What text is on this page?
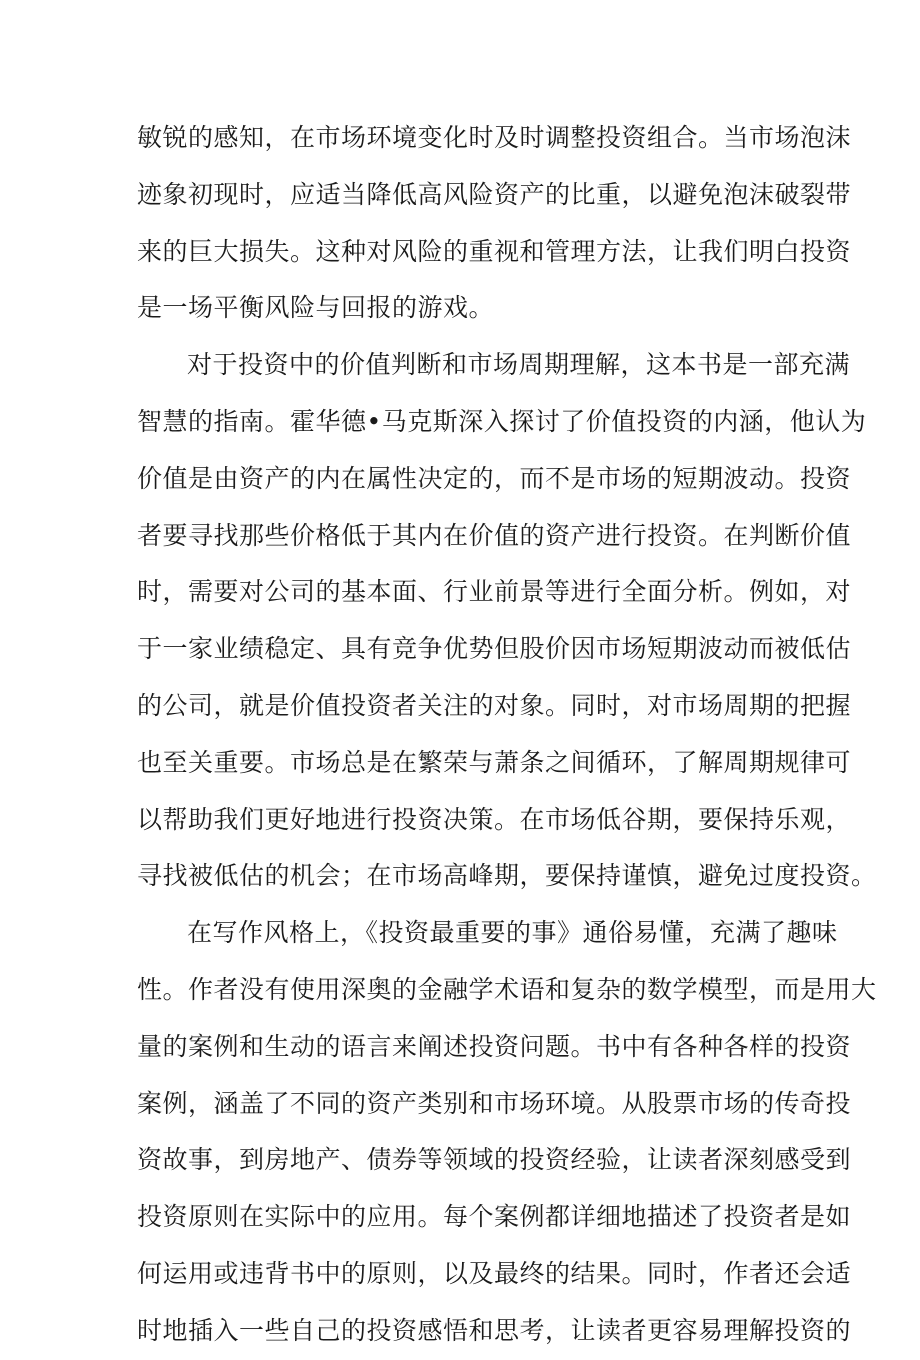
敏锐的感知，在市场环境变化时及时调整投资组合。当市场泡沫
迹象初现时，应适当降低高风险资产的比重，以避免泡沫破裂带
来的巨大损失。这种对风险的重视和管理方法，让我们明白投资
是一场平衡风险与回报的游戏。
对于投资中的价值判断和市场周期理解，这本书是一部充满
智慧的指南。霍华德•马克斯深入探讨了价值投资的内涵，他认为
价值是由资产的内在属性决定的，而不是市场的短期波动。投资
者要寻找那些价格低于其内在价值的资产进行投资。在判断价值
时，需要对公司的基本面、行业前景等进行全面分析。例如，对
于一家业绩稳定、具有竞争优势但股价因市场短期波动而被低估
的公司，就是价值投资者关注的对象。同时，对市场周期的把握
也至关重要。市场总是在繁荣与萧条之间循环，了解周期规律可
以帮助我们更好地进行投资决策。在市场低谷期，要保持乐观，
寻找被低估的机会；在市场高峰期，要保持谨慎，避免过度投资。
在写作风格上，《投资最重要的事》通俗易懂，充满了趣味
性。作者没有使用深奥的金融学术语和复杂的数学模型，而是用大
量的案例和生动的语言来阐述投资问题。书中有各种各样的投资
案例，涵盖了不同的资产类别和市场环境。从股票市场的传奇投
资故事，到房地产、债券等领域的投资经验，让读者深刻感受到
投资原则在实际中的应用。每个案例都详细地描述了投资者是如
何运用或违背书中的原则，以及最终的结果。同时，作者还会适
时地插入一些自己的投资感悟和思考，让读者更容易理解投资的
